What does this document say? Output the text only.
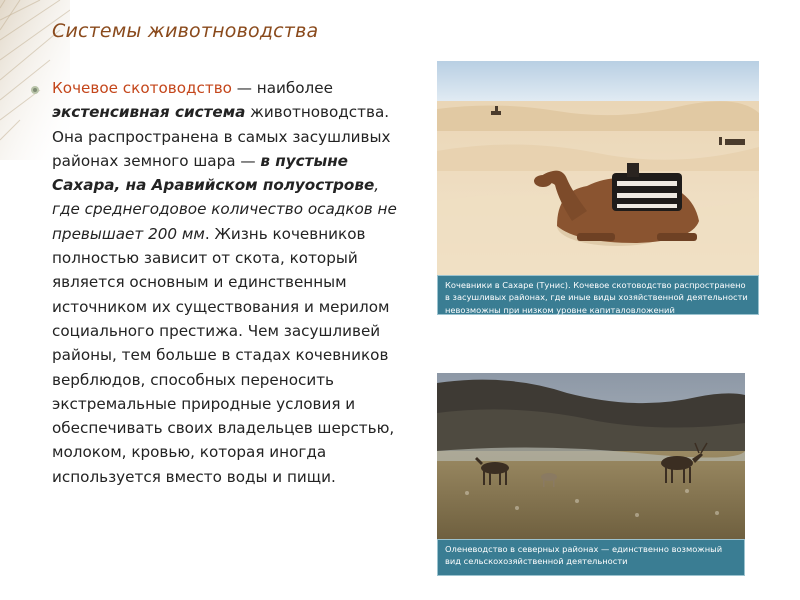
Системы животноводства
Кочевое скотоводство — наиболее экстенсивная система животноводства. Она распространена в самых засушливых районах земного шара — в пустыне Сахара, на Аравийском полуострове, где среднегодовое количество осадков не превышает 200 мм. Жизнь кочевников полностью зависит от скота, который является основным и единственным источником их существования и мерилом социального престижа. Чем засушливей районы, тем больше в стадах кочевников верблюдов, способных переносить экстремальные природные условия и обеспечивать своих владельцев шерстью, молоком, кровью, которая иногда используется вместо воды и пищи.
Кочевники в Сахаре (Тунис). Кочевое скотоводство распространено в засушливых районах, где иные виды хозяйственной деятельности невозможны при низком уровне капиталовложений
Оленеводство в северных районах — единственно возможный вид сельскохозяйственной деятельности
